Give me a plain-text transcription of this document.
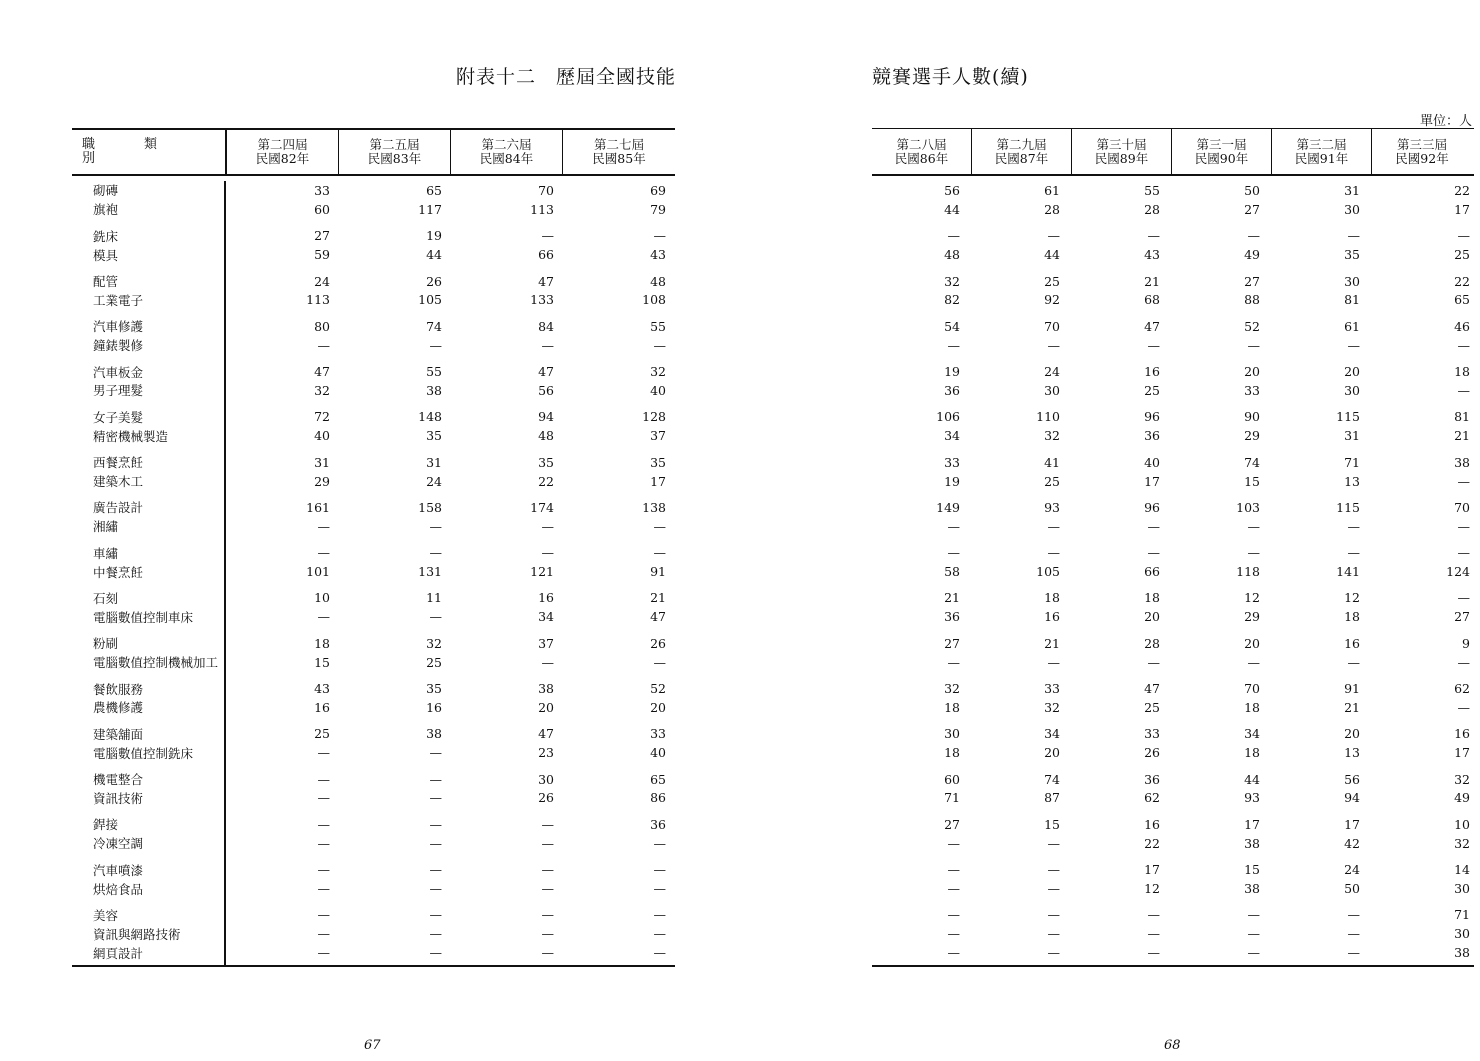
附表十二　歷屆全國技能	競賽選手人數(續)
單位：人
職　類　別
第二四屆
民國82年
第二五屆
民國83年
第二六屆
民國84年
第二七屆
民國85年
砌磚	33	65	70	69
旗袍	60	117	113	79
銑床	27	19	—	—
模具	59	44	66	43
配管	24	26	47	48
工業電子	113	105	133	108
汽車修護	80	74	84	55
鐘錶製修	—	—	—	—
汽車板金	47	55	47	32
男子理髮	32	38	56	40
女子美髮	72	148	94	128
精密機械製造	40	35	48	37
西餐烹飪	31	31	35	35
建築木工	29	24	22	17
廣告設計	161	158	174	138
湘繡	—	—	—	—
車繡	—	—	—	—
中餐烹飪	101	131	121	91
石刻	10	11	16	21
電腦數值控制車床	—	—	34	47
粉刷	18	32	37	26
電腦數值控制機械加工	15	25	—	—
餐飲服務	43	35	38	52
農機修護	16	16	20	20
建築舖面	25	38	47	33
電腦數值控制銑床	—	—	23	40
機電整合	—	—	30	65
資訊技術	—	—	26	86
銲接	—	—	—	36
冷凍空調	—	—	—	—
汽車噴漆	—	—	—	—
烘焙食品	—	—	—	—
美容	—	—	—	—
資訊與網路技術	—	—	—	—
網頁設計	—	—	—	—
第二八屆
民國86年
第二九屆
民國87年
第三十屆
民國89年
第三一屆
民國90年
第三二屆
民國91年
第三三屆
民國92年
56	61	55	50	31	22
44	28	28	27	30	17
—	—	—	—	—	—
48	44	43	49	35	25
32	25	21	27	30	22
82	92	68	88	81	65
54	70	47	52	61	46
—	—	—	—	—	—
19	24	16	20	20	18
36	30	25	33	30	—
106	110	96	90	115	81
34	32	36	29	31	21
33	41	40	74	71	38
19	25	17	15	13	—
149	93	96	103	115	70
—	—	—	—	—	—
—	—	—	—	—	—
58	105	66	118	141	124
21	18	18	12	12	—
36	16	20	29	18	27
27	21	28	20	16	9
—	—	—	—	—	—
32	33	47	70	91	62
18	32	25	18	21	—
30	34	33	34	20	16
18	20	26	18	13	17
60	74	36	44	56	32
71	87	62	93	94	49
27	15	16	17	17	10
—	—	22	38	42	32
—	—	17	15	24	14
—	—	12	38	50	30
—	—	—	—	—	71
—	—	—	—	—	30
—	—	—	—	—	38
67	68
